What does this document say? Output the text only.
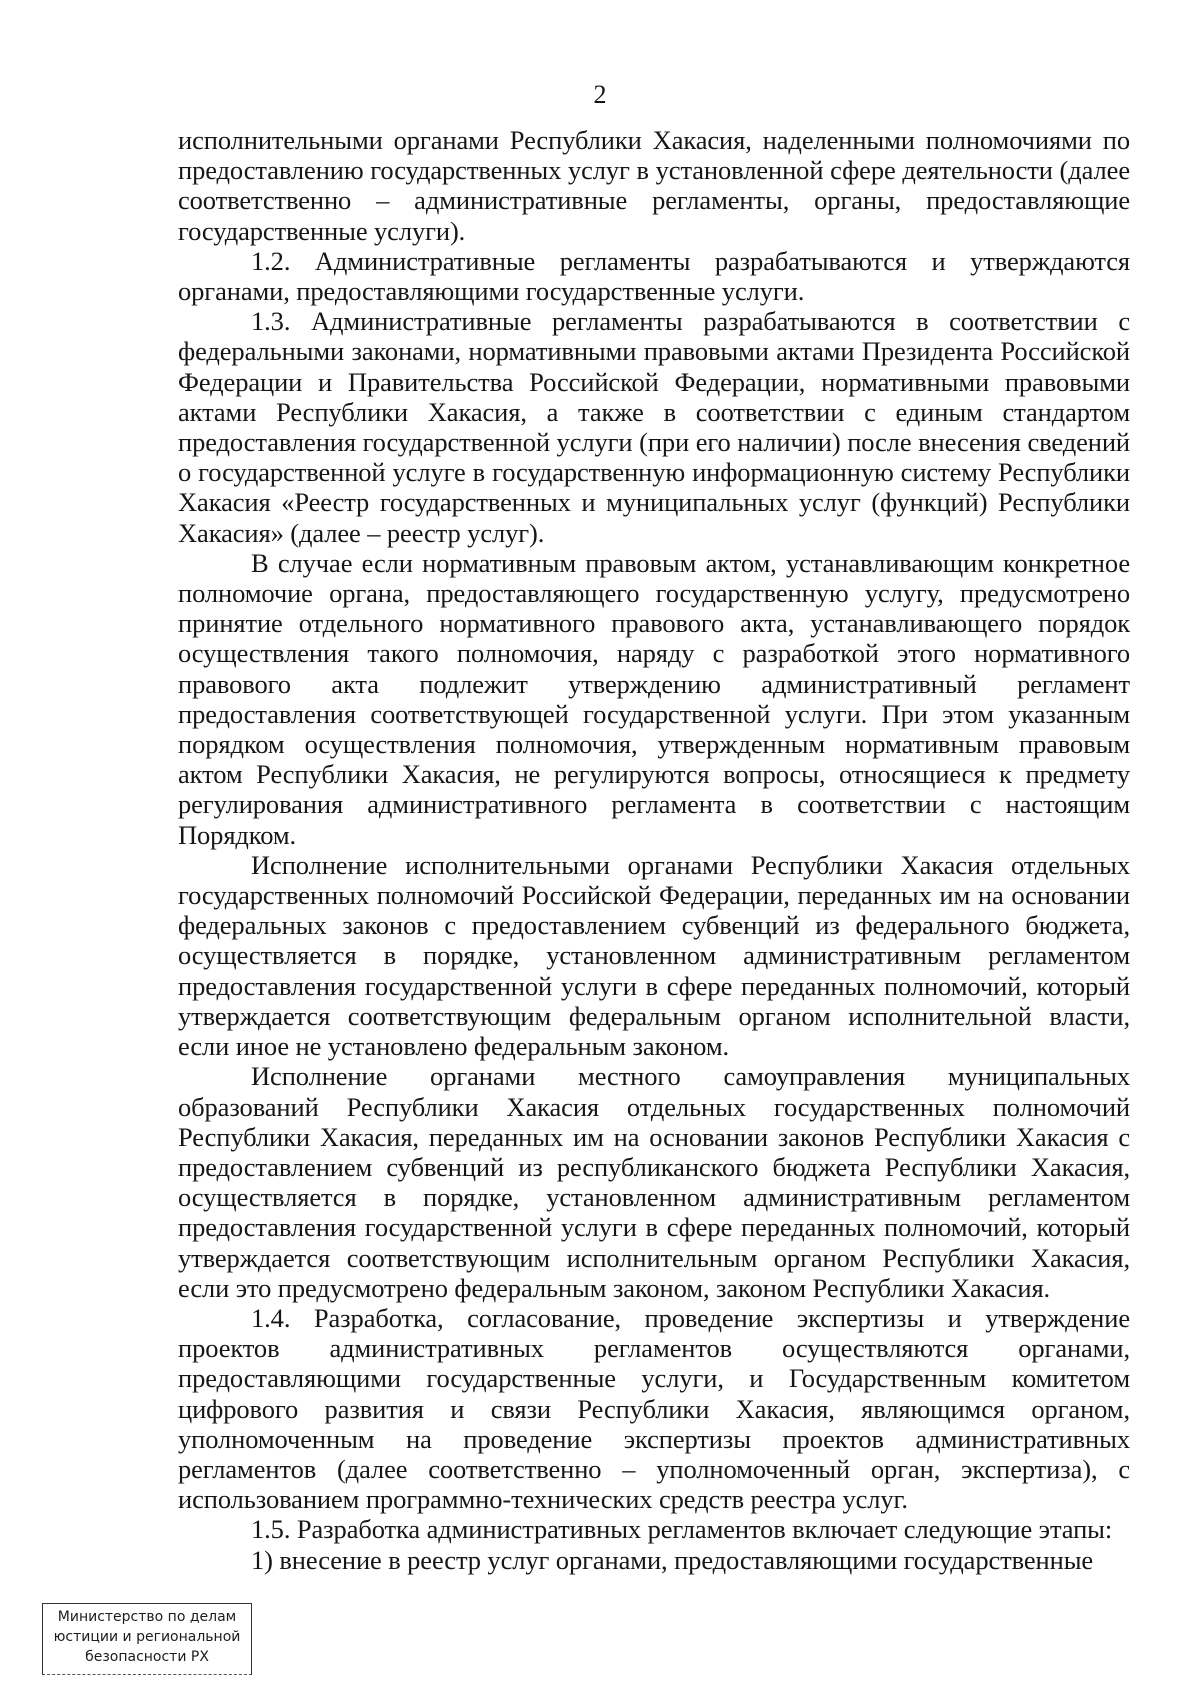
2

исполнительными органами Республики Хакасия, наделенными полномочиями по предоставлению государственных услуг в установленной сфере деятельности (далее соответственно – административные регламенты, органы, предоставляющие государственные услуги).

1.2. Административные регламенты разрабатываются и утверждаются органами, предоставляющими государственные услуги.

1.3. Административные регламенты разрабатываются в соответствии с федеральными законами, нормативными правовыми актами Президента Российской Федерации и Правительства Российской Федерации, нормативными правовыми актами Республики Хакасия, а также в соответствии с единым стандартом предоставления государственной услуги (при его наличии) после внесения сведений о государственной услуге в государственную информационную систему Республики Хакасия «Реестр государственных и муниципальных услуг (функций) Республики Хакасия» (далее – реестр услуг).

В случае если нормативным правовым актом, устанавливающим конкретное полномочие органа, предоставляющего государственную услугу, предусмотрено принятие отдельного нормативного правового акта, устанавливающего порядок осуществления такого полномочия, наряду с разработкой этого нормативного правового акта подлежит утверждению административный регламент предоставления соответствующей государственной услуги. При этом указанным порядком осуществления полномочия, утвержденным нормативным правовым актом Республики Хакасия, не регулируются вопросы, относящиеся к предмету регулирования административного регламента в соответствии с настоящим Порядком.

Исполнение исполнительными органами Республики Хакасия отдельных государственных полномочий Российской Федерации, переданных им на основании федеральных законов с предоставлением субвенций из федерального бюджета, осуществляется в порядке, установленном административным регламентом предоставления государственной услуги в сфере переданных полномочий, который утверждается соответствующим федеральным органом исполнительной власти, если иное не установлено федеральным законом.

Исполнение органами местного самоуправления муниципальных образований Республики Хакасия отдельных государственных полномочий Республики Хакасия, переданных им на основании законов Республики Хакасия с предоставлением субвенций из республиканского бюджета Республики Хакасия, осуществляется в порядке, установленном административным регламентом предоставления государственной услуги в сфере переданных полномочий, который утверждается соответствующим исполнительным органом Республики Хакасия, если это предусмотрено федеральным законом, законом Республики Хакасия.

1.4. Разработка, согласование, проведение экспертизы и утверждение проектов административных регламентов осуществляются органами, предоставляющими государственные услуги, и Государственным комитетом цифрового развития и связи Республики Хакасия, являющимся органом, уполномоченным на проведение экспертизы проектов административных регламентов (далее соответственно – уполномоченный орган, экспертиза), с использованием программно-технических средств реестра услуг.

1.5. Разработка административных регламентов включает следующие этапы:

1) внесение в реестр услуг органами, предоставляющими государственные

Министерство по делам
юстиции и региональной
безопасности РХ
